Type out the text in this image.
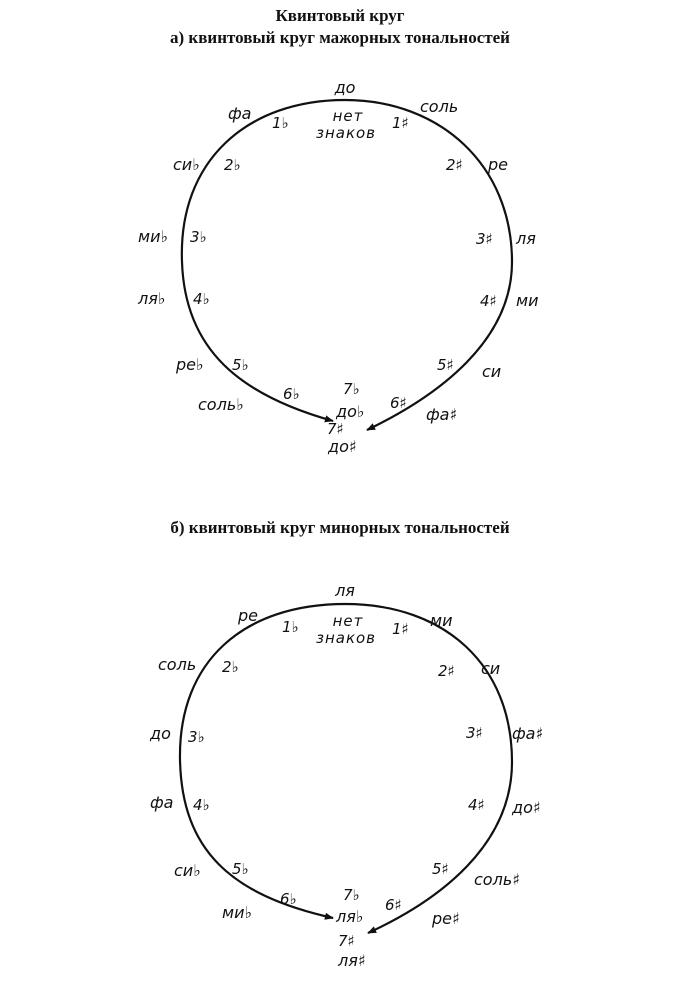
Квинтовый круг
а) квинтовый круг мажорных тональностей
б) квинтовый круг минорных тональностей
до
нет
знаков
1♯
соль
2♯ ре
3♯ ля
4♯ ми
5♯ си
6♯
фа♯
7♯
до♯
1♭
фа
2♭
си♭
3♭
ми♭
4♭
ля♭
5♭
ре♭
6♭
соль♭
7♭
до♭
ля
нет
знаков 1♯ ми
2♯ си
3♯ фа♯
4♯ до♯
5♯
соль♯
6♯
ре♯
7♯
ля♯
1♭
ре
2♭
соль
3♭
до
4♭
фа
5♭
си♭
6♭
ми♭
7♭
ля♭
